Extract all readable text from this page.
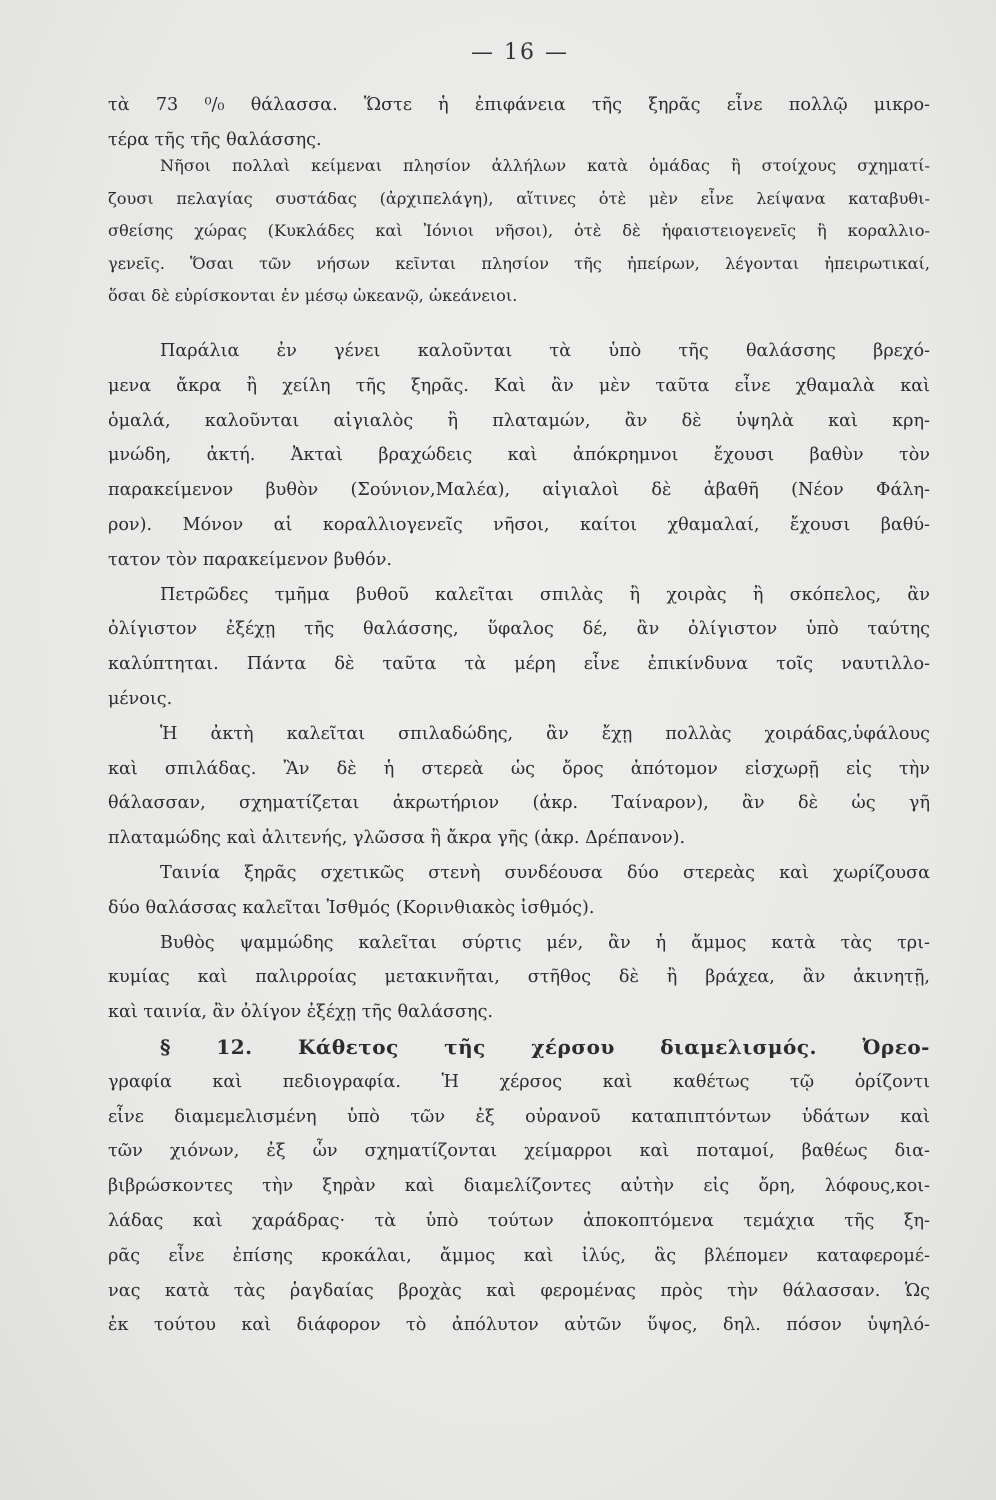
— 16 —
τὰ 73 ⁰/₀ θάλασσα. Ὥστε ἡ ἐπιφάνεια τῆς ξηρᾶς εἶνε πολλῷ μικρο-
τέρα τῆς τῆς θαλάσσης.
Νῆσοι πολλαὶ κείμεναι πλησίον ἀλλήλων κατὰ ὁμάδας ἢ στοίχους σχηματί-
ζουσι πελαγίας συστάδας (ἀρχιπελάγη), αἵτινες ὁτὲ μὲν εἶνε λείψανα καταβυθι-
σθείσης χώρας (Κυκλάδες καὶ Ἰόνιοι νῆσοι), ὁτὲ δὲ ἡφαιστειογενεῖς ἢ κοραλλιο-
γενεῖς. Ὅσαι τῶν νήσων κεῖνται πλησίον τῆς ἠπείρων, λέγονται ἠπειρωτικαί,
ὅσαι δὲ εὑρίσκονται ἐν μέσῳ ὠκεανῷ, ὠκεάνειοι.
Παράλια ἐν γένει καλοῦνται τὰ ὑπὸ τῆς θαλάσσης βρεχό-
μενα ἄκρα ἢ χείλη τῆς ξηρᾶς. Καὶ ἂν μὲν ταῦτα εἶνε χθαμαλὰ καὶ
ὁμαλά, καλοῦνται αἰγιαλὸς ἢ πλαταμών, ἂν δὲ ὑψηλὰ καὶ κρη-
μνώδη, ἀκτή. Ἀκταὶ βραχώδεις καὶ ἀπόκρημνοι ἔχουσι βαθὺν τὸν
παρακείμενον βυθὸν (Σούνιον,Μαλέα), αἰγιαλοὶ δὲ ἀβαθῆ (Νέον Φάλη-
ρον). Μόνον αἱ κοραλλιογενεῖς νῆσοι, καίτοι χθαμαλαί, ἔχουσι βαθύ-
τατον τὸν παρακείμενον βυθόν.
Πετρῶδες τμῆμα βυθοῦ καλεῖται σπιλὰς ἢ χοιρὰς ἢ σκόπελος, ἂν
ὀλίγιστον ἐξέχῃ τῆς θαλάσσης, ὕφαλος δέ, ἂν ὀλίγιστον ὑπὸ ταύτης
καλύπτηται. Πάντα δὲ ταῦτα τὰ μέρη εἶνε ἐπικίνδυνα τοῖς ναυτιλλο-
μένοις.
Ἡ ἀκτὴ καλεῖται σπιλαδώδης, ἂν ἔχῃ πολλὰς χοιράδας,ὑφάλους
καὶ σπιλάδας. Ἂν δὲ ἡ στερεὰ ὡς ὄρος ἀπότομον εἰσχωρῇ εἰς τὴν
θάλασσαν, σχηματίζεται ἀκρωτήριον (ἀκρ. Ταίναρον), ἂν δὲ ὡς γῆ
πλαταμώδης καὶ ἀλιτενής, γλῶσσα ἢ ἄκρα γῆς (ἀκρ. Δρέπανον).
Ταινία ξηρᾶς σχετικῶς στενὴ συνδέουσα δύο στερεὰς καὶ χωρίζουσα
δύο θαλάσσας καλεῖται Ἰσθμός (Κορινθιακὸς ἰσθμός).
Βυθὸς ψαμμώδης καλεῖται σύρτις μέν, ἂν ἡ ἄμμος κατὰ τὰς τρι-
κυμίας καὶ παλιρροίας μετακινῆται, στῆθος δὲ ἢ βράχεα, ἂν ἀκινητῇ,
καὶ ταινία, ἂν ὀλίγον ἐξέχῃ τῆς θαλάσσης.
§ 12. Κάθετος τῆς χέρσου διαμελισμός. Ὀρεο-
γραφία καὶ πεδιογραφία. Ἡ χέρσος καὶ καθέτως τῷ ὁρίζοντι
εἶνε διαμεμελισμένη ὑπὸ τῶν ἐξ οὐρανοῦ καταπιπτόντων ὑδάτων καὶ
τῶν χιόνων, ἐξ ὧν σχηματίζονται χείμαρροι καὶ ποταμοί, βαθέως δια-
βιβρώσκοντες τὴν ξηρὰν καὶ διαμελίζοντες αὐτὴν εἰς ὄρη, λόφους,κοι-
λάδας καὶ χαράδρας· τὰ ὑπὸ τούτων ἀποκοπτόμενα τεμάχια τῆς ξη-
ρᾶς εἶνε ἐπίσης κροκάλαι, ἄμμος καὶ ἰλύς, ἃς βλέπομεν καταφερομέ-
νας κατὰ τὰς ῥαγδαίας βροχὰς καὶ φερομένας πρὸς τὴν θάλασσαν. Ὡς
ἐκ τούτου καὶ διάφορον τὸ ἀπόλυτον αὐτῶν ὕψος, δηλ. πόσον ὑψηλό-
